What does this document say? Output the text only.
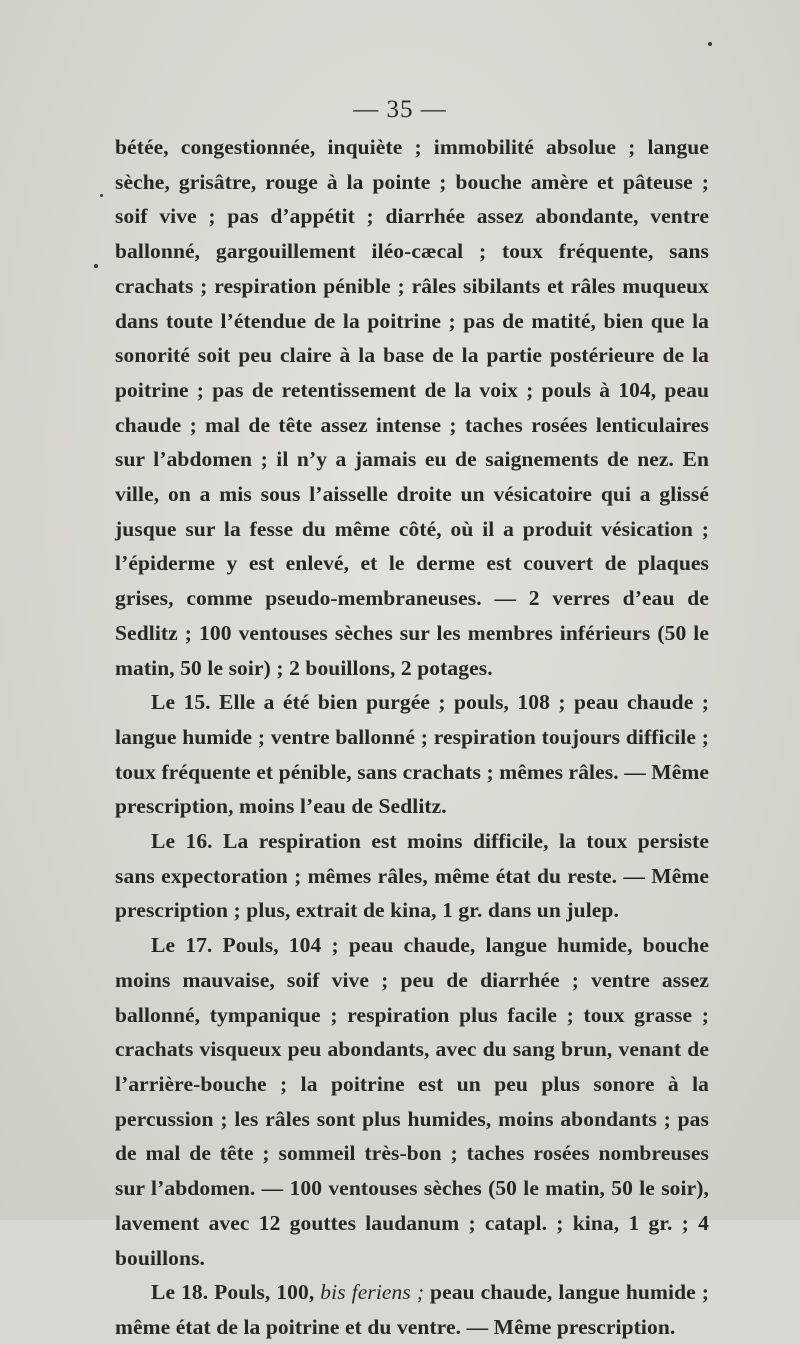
— 35 —

bétée, congestionnée, inquiète ; immobilité absolue ; langue sèche, grisâtre, rouge à la pointe ; bouche amère et pâteuse ; soif vive ; pas d’appétit ; diarrhée assez abondante, ventre ballonné, gargouillement iléo-cæcal ; toux fréquente, sans crachats ; respiration pénible ; râles sibilants et râles muqueux dans toute l’étendue de la poitrine ; pas de matité, bien que la sonorité soit peu claire à la base de la partie postérieure de la poitrine ; pas de retentissement de la voix ; pouls à 104, peau chaude ; mal de tête assez intense ; taches rosées lenticulaires sur l’abdomen ; il n’y a jamais eu de saignements de nez. En ville, on a mis sous l’aisselle droite un vésicatoire qui a glissé jusque sur la fesse du même côté, où il a produit vésication ; l’épiderme y est enlevé, et le derme est couvert de plaques grises, comme pseudo-membraneuses. — 2 verres d’eau de Sedlitz ; 100 ventouses sèches sur les membres inférieurs (50 le matin, 50 le soir) ; 2 bouillons, 2 potages.

Le 15. Elle a été bien purgée ; pouls, 108 ; peau chaude ; langue humide ; ventre ballonné ; respiration toujours difficile ; toux fréquente et pénible, sans crachats ; mêmes râles. — Même prescription, moins l’eau de Sedlitz.

Le 16. La respiration est moins difficile, la toux persiste sans expectoration ; mêmes râles, même état du reste. — Même prescription ; plus, extrait de kina, 1 gr. dans un julep.

Le 17. Pouls, 104 ; peau chaude, langue humide, bouche moins mauvaise, soif vive ; peu de diarrhée ; ventre assez ballonné, tympanique ; respiration plus facile ; toux grasse ; crachats visqueux peu abondants, avec du sang brun, venant de l’arrière-bouche ; la poitrine est un peu plus sonore à la percussion ; les râles sont plus humides, moins abondants ; pas de mal de tête ; sommeil très-bon ; taches rosées nombreuses sur l’abdomen. — 100 ventouses sèches (50 le matin, 50 le soir), lavement avec 12 gouttes laudanum ; catapl. ; kina, 1 gr. ; 4 bouillons.

Le 18. Pouls, 100, bis feriens ; peau chaude, langue humide ; même état de la poitrine et du ventre. — Même prescription.
